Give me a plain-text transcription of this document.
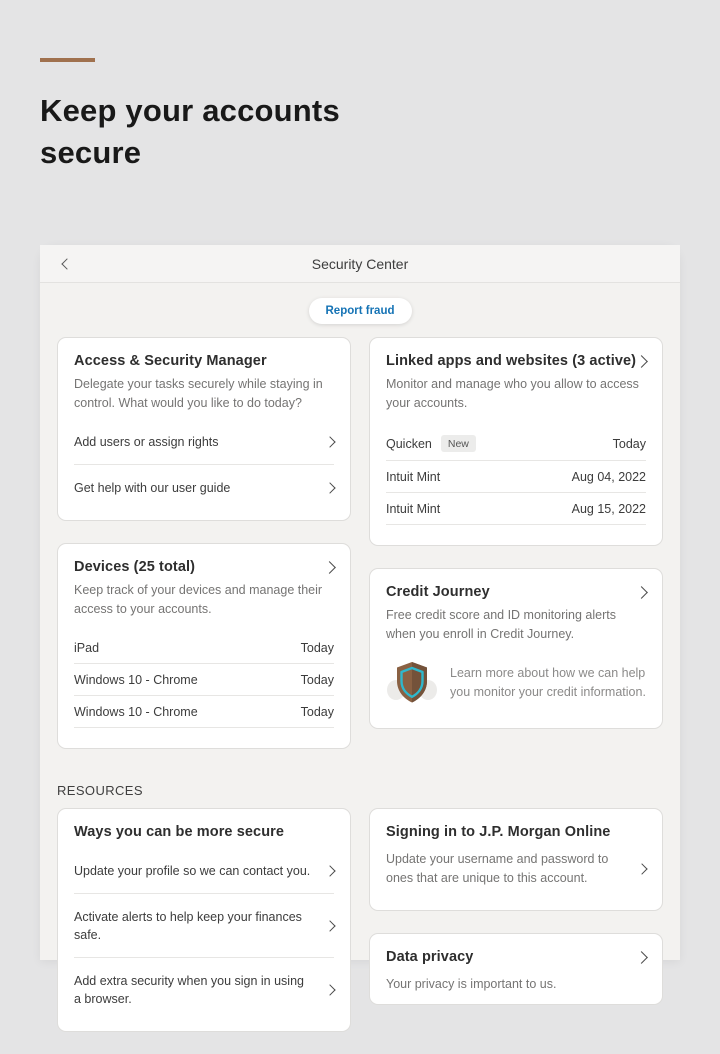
Keep your accounts secure
Security Center
Report fraud
Access & Security Manager
Delegate your tasks securely while staying in control. What would you like to do today?
Add users or assign rights
Get help with our user guide
Devices (25 total)
Keep track of your devices and manage their access to your accounts.
iPad	Today
Windows 10 - Chrome	Today
Windows 10 - Chrome	Today
Linked apps and websites (3 active)
Monitor and manage who you allow to access your accounts.
Quicken	New	Today
Intuit Mint	Aug 04, 2022
Intuit Mint	Aug 15, 2022
Credit Journey
Free credit score and ID monitoring alerts when you enroll in Credit Journey.
Learn more about how we can help you monitor your credit information.
RESOURCES
Ways you can be more secure
Update your profile so we can contact you.
Activate alerts to help keep your finances safe.
Add extra security when you sign in using a browser.
Signing in to J.P. Morgan Online
Update your username and password to ones that are unique to this account.
Data privacy
Your privacy is important to us.
